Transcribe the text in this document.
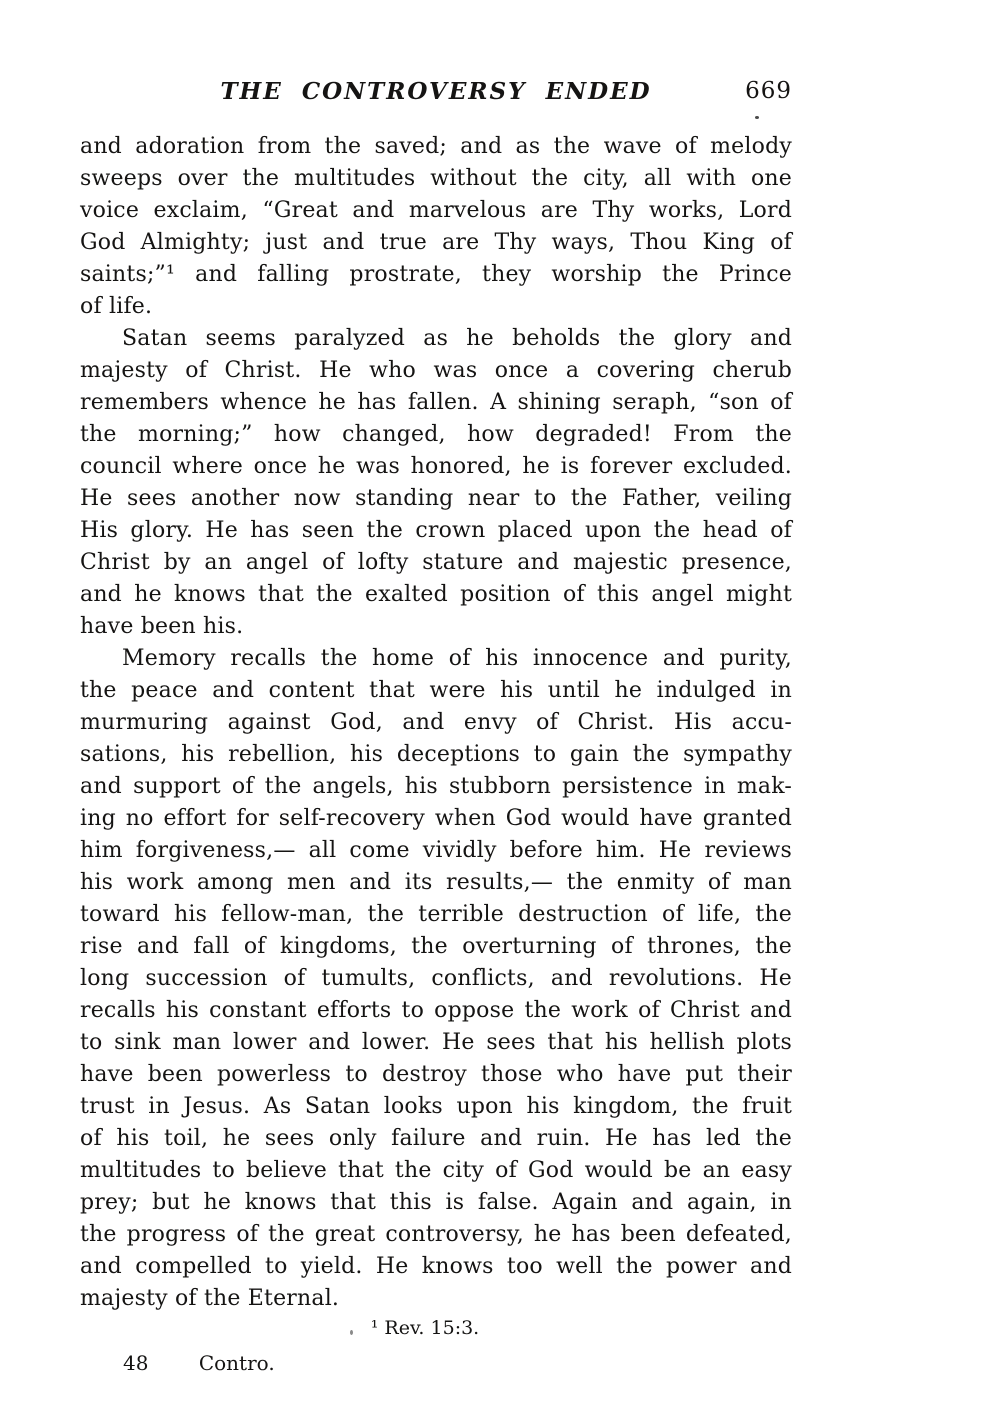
THE CONTROVERSY ENDED	669
and adoration from the saved; and as the wave of melody
sweeps over the multitudes without the city, all with one
voice exclaim, “Great and marvelous are Thy works, Lord
God Almighty; just and true are Thy ways, Thou King of
saints;”¹ and falling prostrate, they worship the Prince
of life.
Satan seems paralyzed as he beholds the glory and
majesty of Christ. He who was once a covering cherub
remembers whence he has fallen. A shining seraph, “son of
the morning;” how changed, how degraded! From the
council where once he was honored, he is forever excluded.
He sees another now standing near to the Father, veiling
His glory. He has seen the crown placed upon the head of
Christ by an angel of lofty stature and majestic presence,
and he knows that the exalted position of this angel might
have been his.
Memory recalls the home of his innocence and purity,
the peace and content that were his until he indulged in
murmuring against God, and envy of Christ. His accu-
sations, his rebellion, his deceptions to gain the sympathy
and support of the angels, his stubborn persistence in mak-
ing no effort for self-recovery when God would have granted
him forgiveness,— all come vividly before him. He reviews
his work among men and its results,— the enmity of man
toward his fellow-man, the terrible destruction of life, the
rise and fall of kingdoms, the overturning of thrones, the
long succession of tumults, conflicts, and revolutions. He
recalls his constant efforts to oppose the work of Christ and
to sink man lower and lower. He sees that his hellish plots
have been powerless to destroy those who have put their
trust in Jesus. As Satan looks upon his kingdom, the fruit
of his toil, he sees only failure and ruin. He has led the
multitudes to believe that the city of God would be an easy
prey; but he knows that this is false. Again and again, in
the progress of the great controversy, he has been defeated,
and compelled to yield. He knows too well the power and
majesty of the Eternal.
¹ Rev. 15:3.
48	Contro.
